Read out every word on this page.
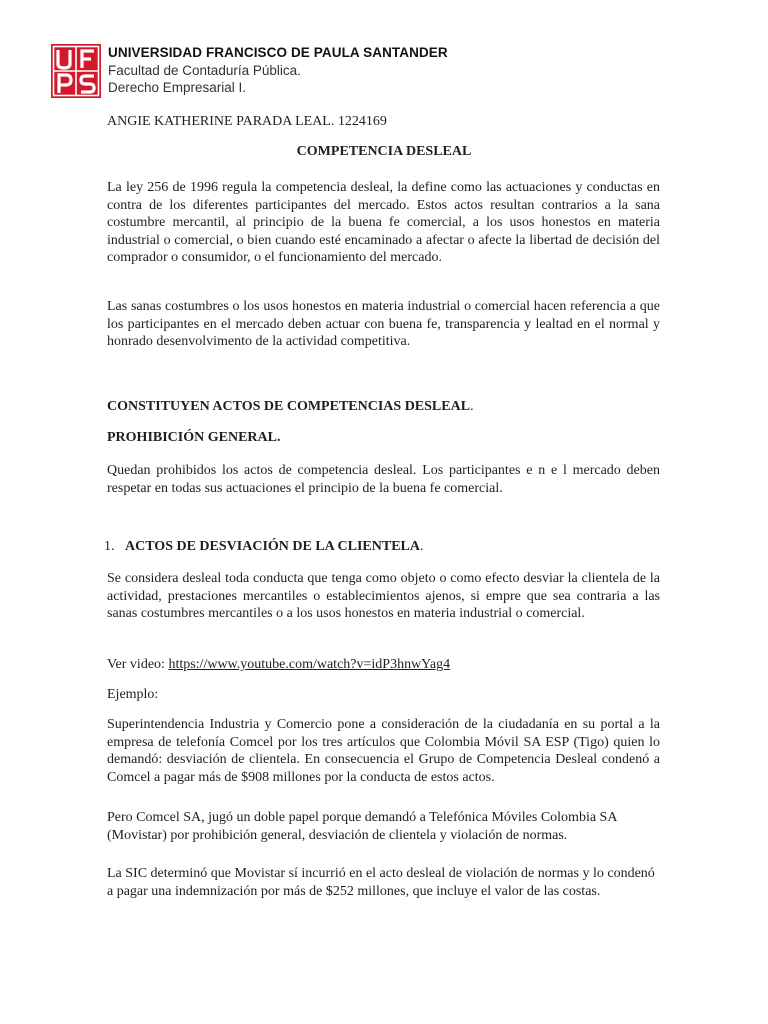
UNIVERSIDAD FRANCISCO DE PAULA SANTANDER
Facultad de Contaduría Pública.
Derecho Empresarial I.
ANGIE KATHERINE PARADA LEAL. 1224169
COMPETENCIA DESLEAL

La ley 256 de 1996 regula la competencia desleal, la define como las actuaciones y conductas en contra de los diferentes participantes del mercado. Estos actos resultan contrarios a la sana costumbre mercantil, al principio de la buena fe comercial, a los usos honestos en materia industrial o comercial, o bien cuando esté encaminado a afectar o afecte la libertad de decisión del comprador o consumidor, o el funcionamiento del mercado.

Las sanas costumbres o los usos honestos en materia industrial o comercial hacen referencia a que los participantes en el mercado deben actuar con buena fe, transparencia y lealtad en el normal y honrado desenvolvimento de la actividad competitiva.

CONSTITUYEN ACTOS DE COMPETENCIAS DESLEAL.
PROHIBICIÓN GENERAL.

Quedan prohibidos los actos de competencia desleal. Los participantes e n e l mercado deben respetar en todas sus actuaciones el principio de la buena fe comercial.

1. ACTOS DE DESVIACIÓN DE LA CLIENTELA.

Se considera desleal toda conducta que tenga como objeto o como efecto desviar la clientela de la actividad, prestaciones mercantiles o establecimientos ajenos, si empre que sea contraria a las sanas costumbres mercantiles o a los usos honestos en materia industrial o comercial.

Ver video: https://www.youtube.com/watch?v=idP3hnwYag4

Ejemplo:

Superintendencia Industria y Comercio pone a consideración de la ciudadanía en su portal a la empresa de telefonía Comcel por los tres artículos que Colombia Móvil SA ESP (Tigo) quien lo demandó: desviación de clientela. En consecuencia el Grupo de Competencia Desleal condenó a Comcel a pagar más de $908 millones por la conducta de estos actos.

Pero Comcel SA, jugó un doble papel porque demandó a Telefónica Móviles Colombia SA (Movistar) por prohibición general, desviación de clientela y violación de normas.

La SIC determinó que Movistar sí incurrió en el acto desleal de violación de normas y lo condenó a pagar una indemnización por más de $252 millones, que incluye el valor de las costas.
